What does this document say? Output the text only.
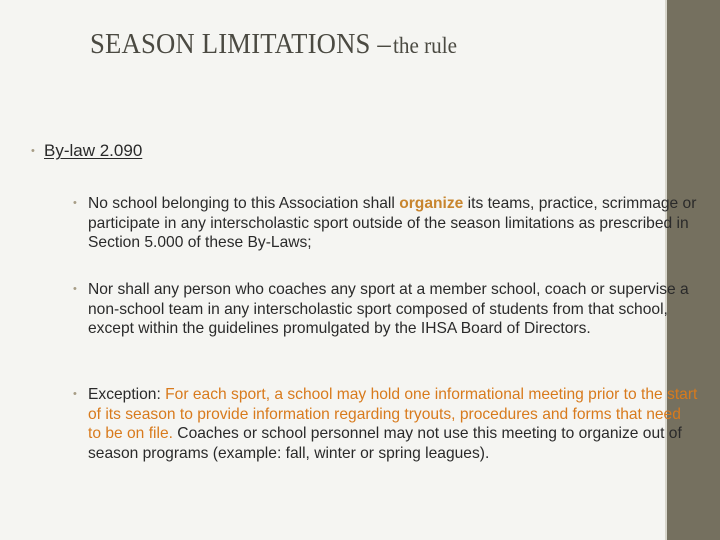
SEASON LIMITATIONS – the rule
• By-law 2.090
• No school belonging to this Association shall organize its teams, practice, scrimmage or participate in any interscholastic sport outside of the season limitations as prescribed in Section 5.000 of these By-Laws;
• Nor shall any person who coaches any sport at a member school, coach or supervise a non-school team in any interscholastic sport composed of students from that school, except within the guidelines promulgated by the IHSA Board of Directors.
• Exception: For each sport, a school may hold one informational meeting prior to the start of its season to provide information regarding tryouts, procedures and forms that need to be on file. Coaches or school personnel may not use this meeting to organize out of season programs (example: fall, winter or spring leagues).
